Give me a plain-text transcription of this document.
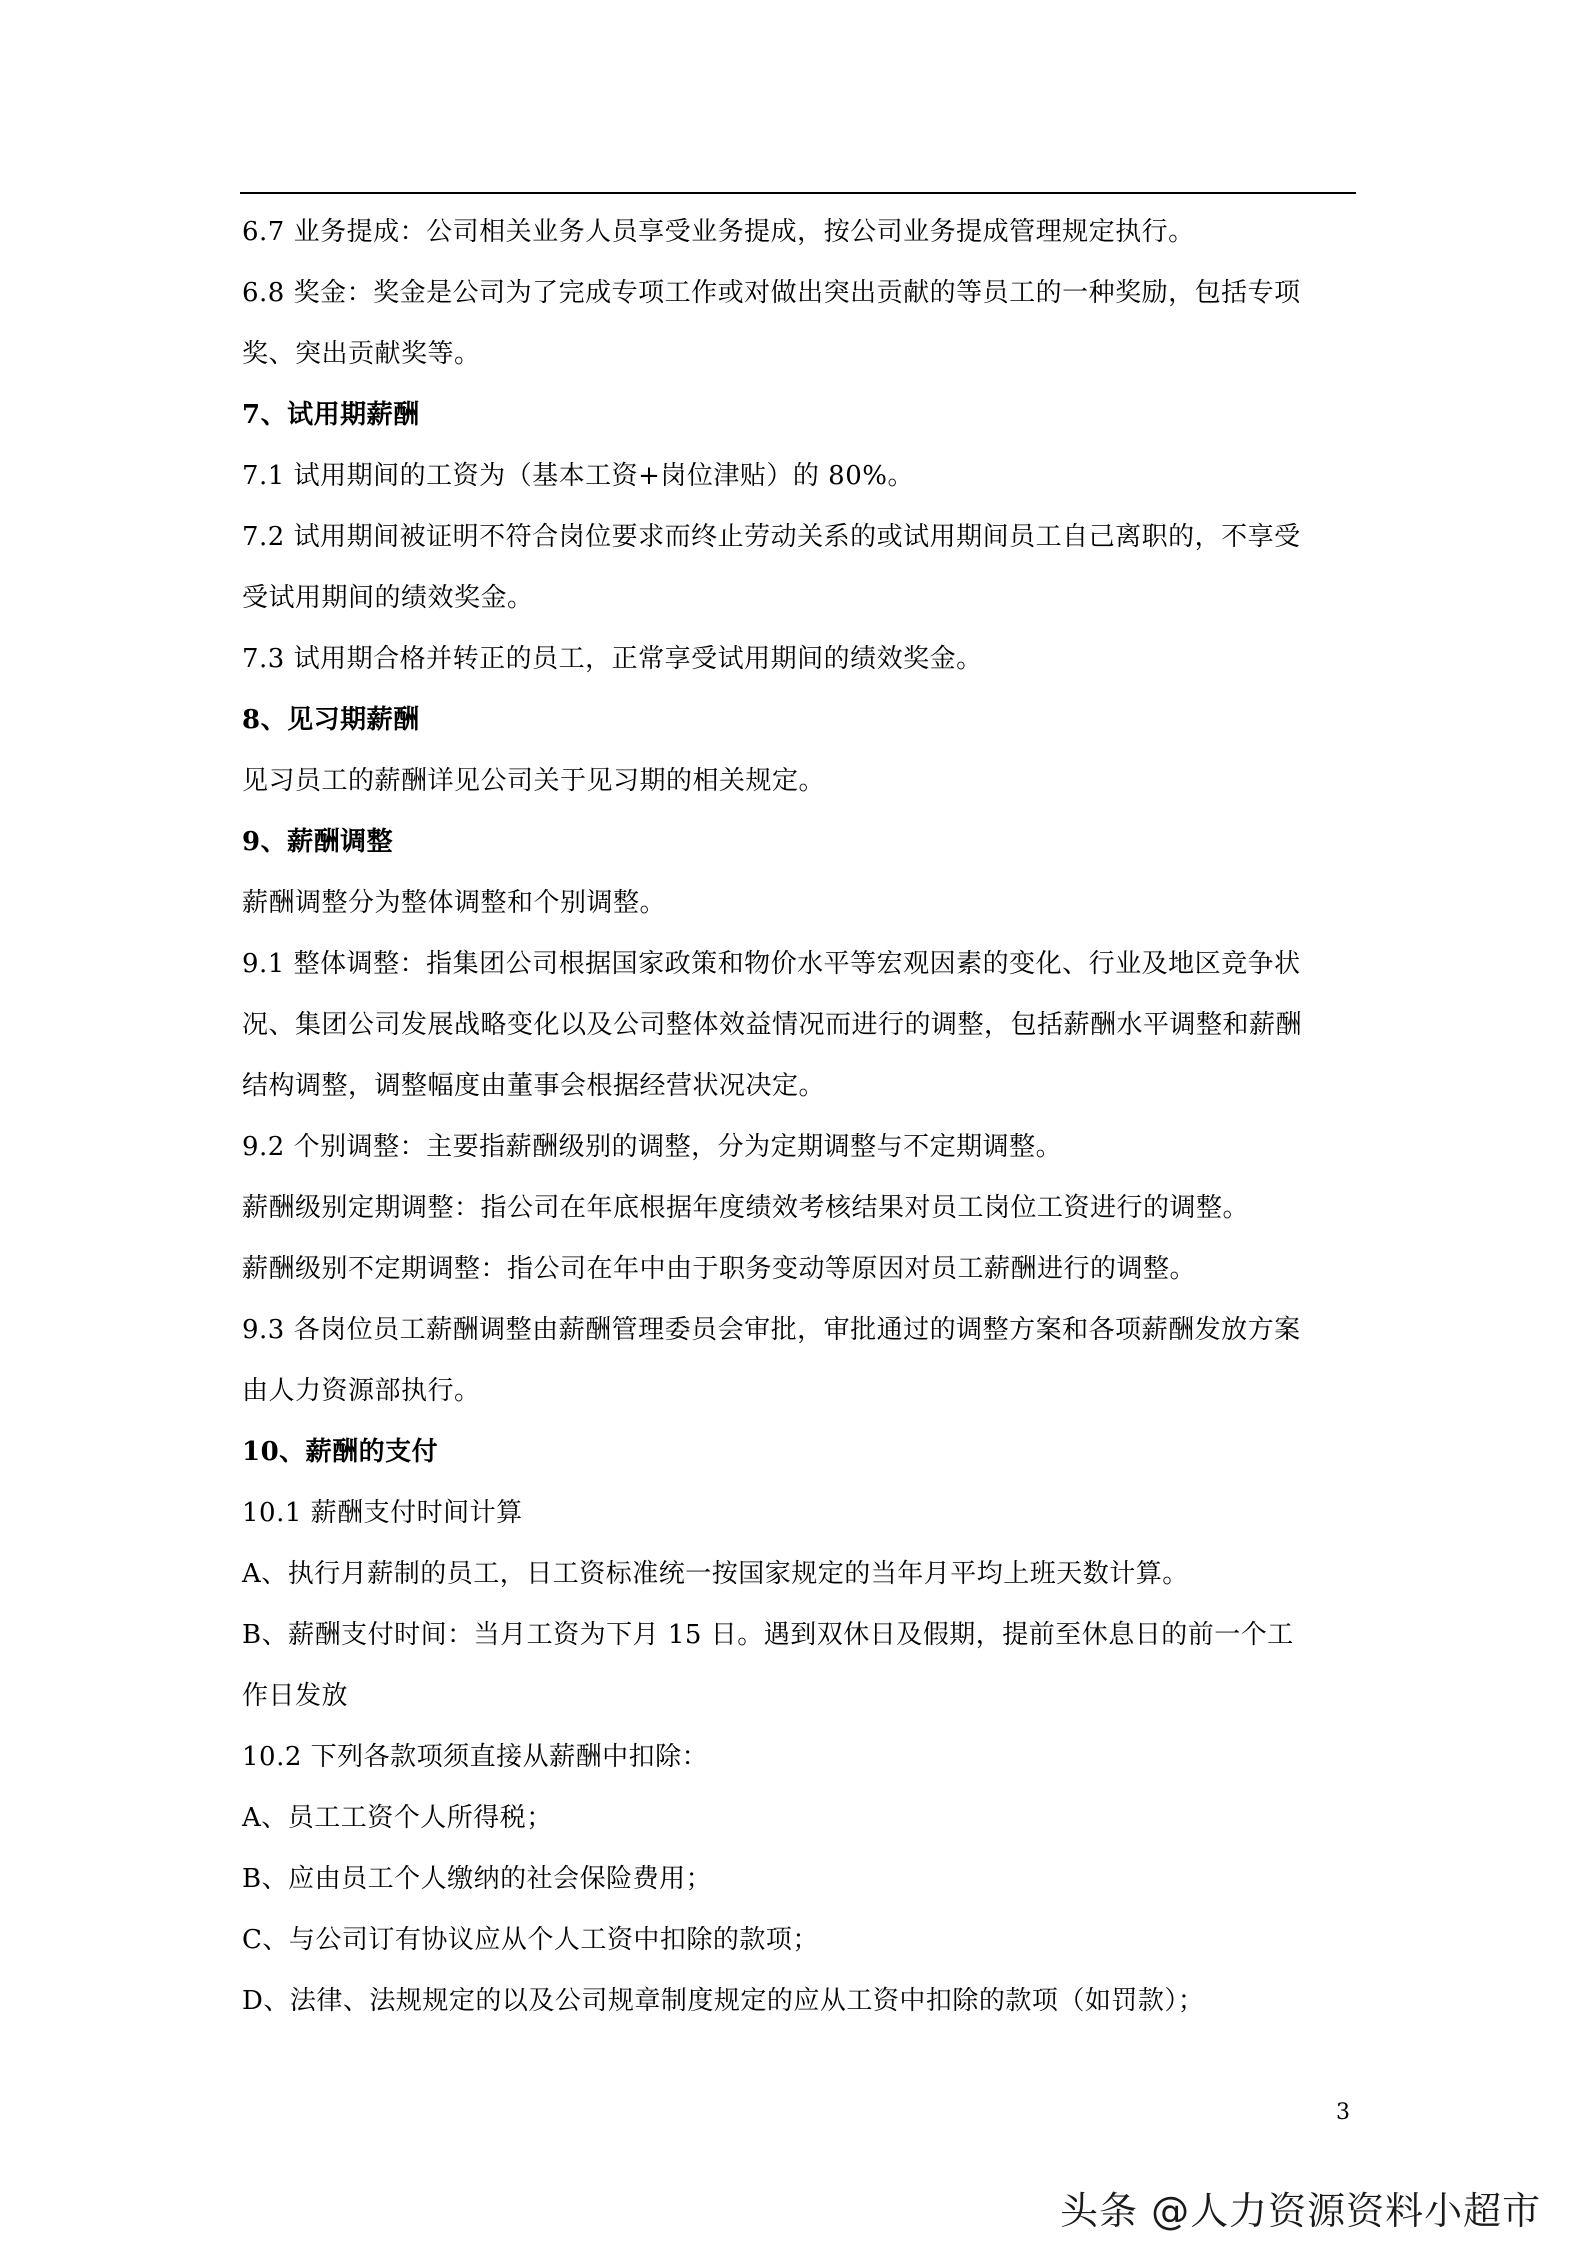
6.7 业务提成：公司相关业务人员享受业务提成，按公司业务提成管理规定执行。
6.8 奖金：奖金是公司为了完成专项工作或对做出突出贡献的等员工的一种奖励，包括专项
奖、突出贡献奖等。
7、试用期薪酬
7.1 试用期间的工资为（基本工资+岗位津贴）的 80%。
7.2 试用期间被证明不符合岗位要求而终止劳动关系的或试用期间员工自己离职的，不享受
受试用期间的绩效奖金。
7.3 试用期合格并转正的员工，正常享受试用期间的绩效奖金。
8、见习期薪酬
见习员工的薪酬详见公司关于见习期的相关规定。
9、薪酬调整
薪酬调整分为整体调整和个别调整。
9.1 整体调整：指集团公司根据国家政策和物价水平等宏观因素的变化、行业及地区竞争状
况、集团公司发展战略变化以及公司整体效益情况而进行的调整，包括薪酬水平调整和薪酬
结构调整，调整幅度由董事会根据经营状况决定。
9.2 个别调整：主要指薪酬级别的调整，分为定期调整与不定期调整。
薪酬级别定期调整：指公司在年底根据年度绩效考核结果对员工岗位工资进行的调整。
薪酬级别不定期调整：指公司在年中由于职务变动等原因对员工薪酬进行的调整。
9.3 各岗位员工薪酬调整由薪酬管理委员会审批，审批通过的调整方案和各项薪酬发放方案
由人力资源部执行。
10、薪酬的支付
10.1 薪酬支付时间计算
A、执行月薪制的员工，日工资标准统一按国家规定的当年月平均上班天数计算。
B、薪酬支付时间：当月工资为下月 15 日。遇到双休日及假期，提前至休息日的前一个工
作日发放
10.2 下列各款项须直接从薪酬中扣除：
A、员工工资个人所得税；
B、应由员工个人缴纳的社会保险费用；
C、与公司订有协议应从个人工资中扣除的款项；
D、法律、法规规定的以及公司规章制度规定的应从工资中扣除的款项（如罚款）；
3
头条 @人力资源资料小超市
